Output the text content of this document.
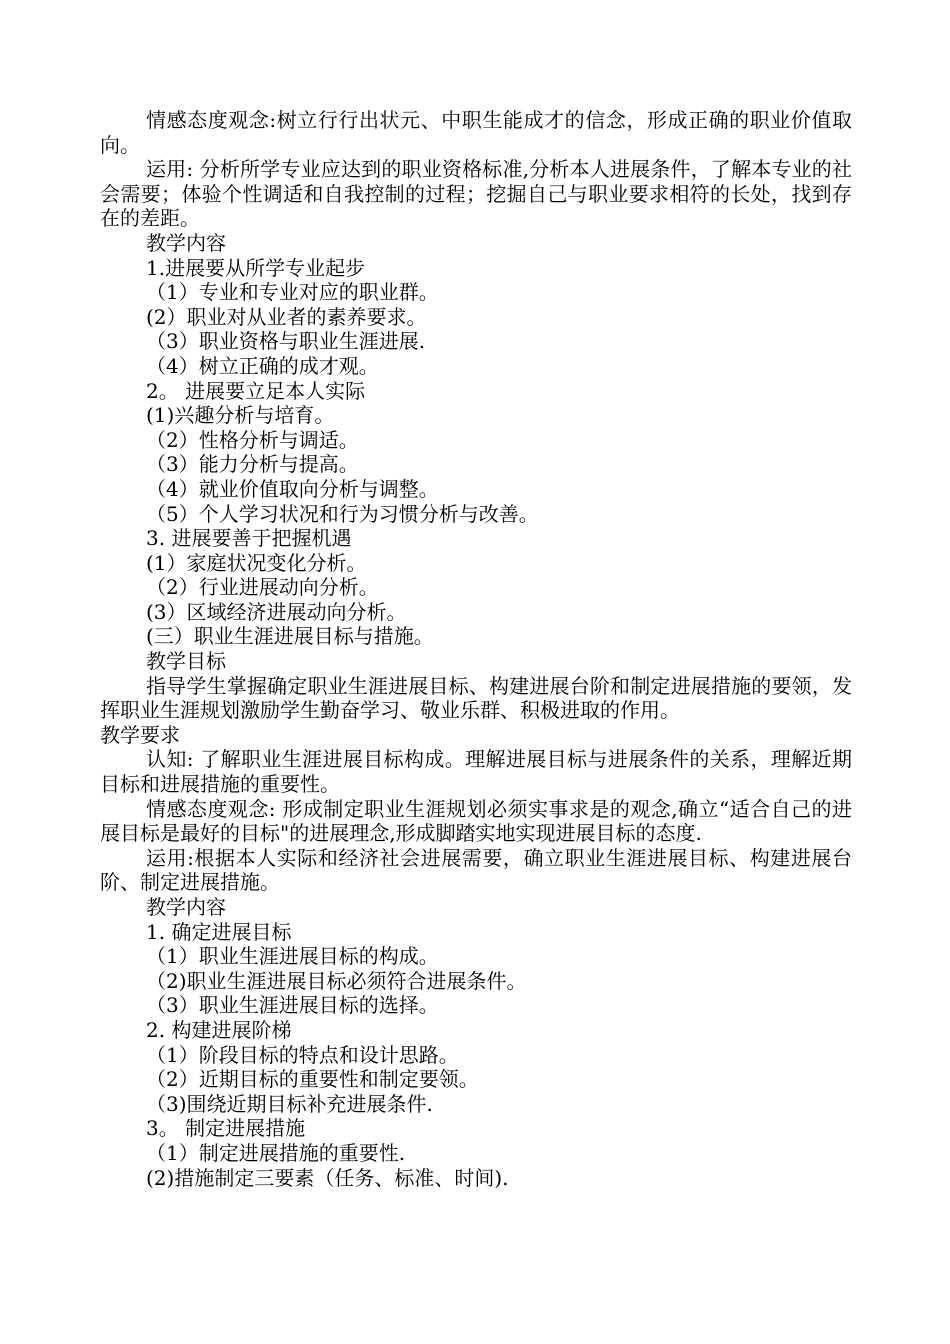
情感态度观念:树立行行出状元、中职生能成才的信念，形成正确的职业价值取向。

运用: 分析所学专业应达到的职业资格标准,分析本人进展条件，了解本专业的社会需要；体验个性调适和自我控制的过程；挖掘自己与职业要求相符的长处，找到存在的差距。

教学内容

1.进展要从所学专业起步

（1）专业和专业对应的职业群。

(2）职业对从业者的素养要求。

（3）职业资格与职业生涯进展.

（4）树立正确的成才观。

2。 进展要立足本人实际

(1)兴趣分析与培育。

（2）性格分析与调适。

（3）能力分析与提高。

（4）就业价值取向分析与调整。

（5）个人学习状况和行为习惯分析与改善。

3. 进展要善于把握机遇

(1）家庭状况变化分析。

（2）行业进展动向分析。

(3）区域经济进展动向分析。

(三）职业生涯进展目标与措施。

教学目标

指导学生掌握确定职业生涯进展目标、构建进展台阶和制定进展措施的要领，发挥职业生涯规划激励学生勤奋学习、敬业乐群、积极进取的作用。

教学要求

认知: 了解职业生涯进展目标构成。理解进展目标与进展条件的关系，理解近期目标和进展措施的重要性。

情感态度观念: 形成制定职业生涯规划必须实事求是的观念,确立“适合自己的进展目标是最好的目标"的进展理念,形成脚踏实地实现进展目标的态度.

运用:根据本人实际和经济社会进展需要，确立职业生涯进展目标、构建进展台阶、制定进展措施。

教学内容

1. 确定进展目标

（1）职业生涯进展目标的构成。

（2)职业生涯进展目标必须符合进展条件。

（3）职业生涯进展目标的选择。

2. 构建进展阶梯

（1）阶段目标的特点和设计思路。

（2）近期目标的重要性和制定要领。

（3)围绕近期目标补充进展条件.

3。 制定进展措施

（1）制定进展措施的重要性.

(2)措施制定三要素（任务、标准、时间).
